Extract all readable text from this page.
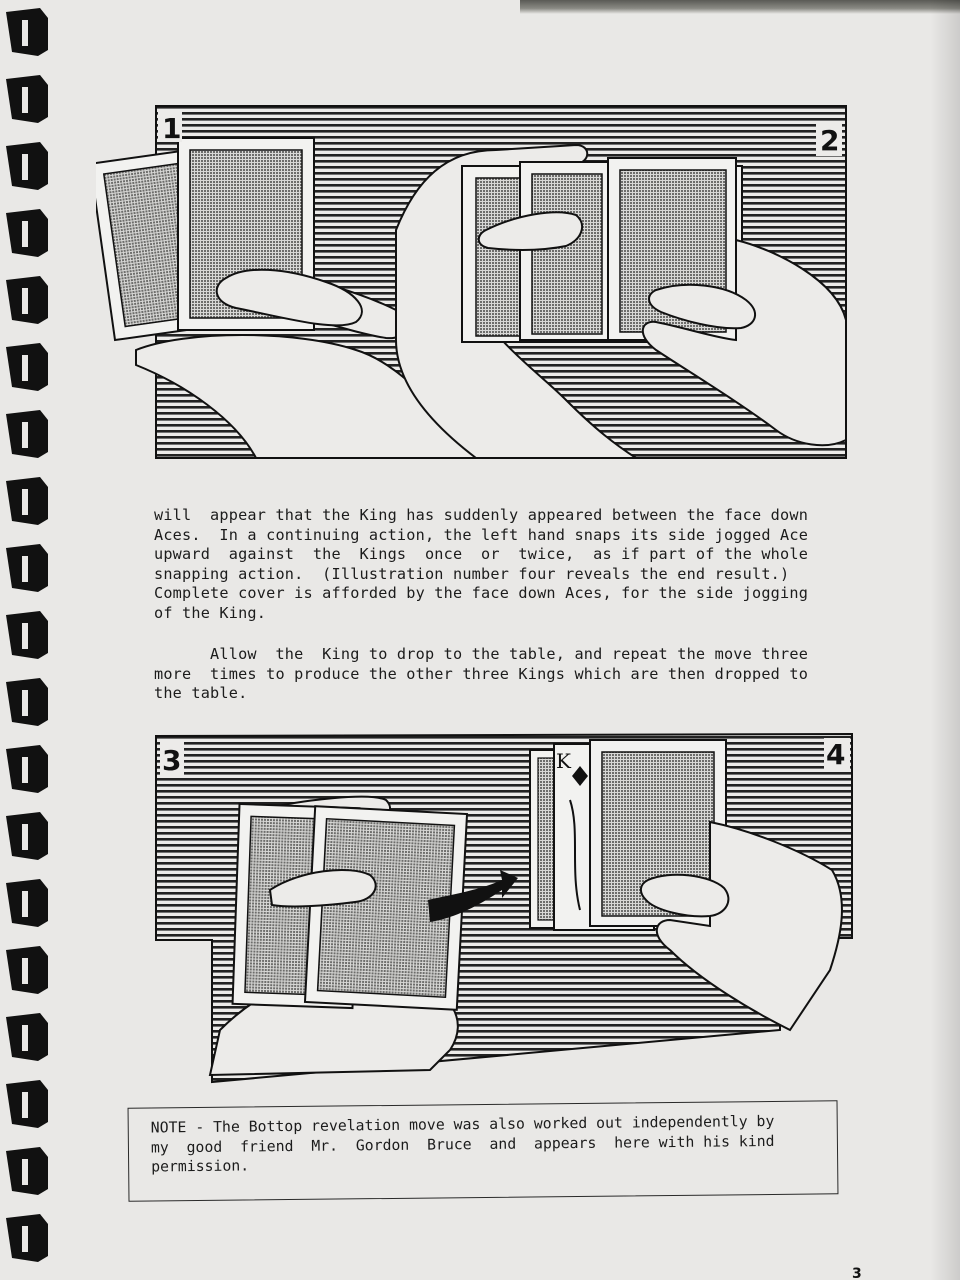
1	2
will  appear that the King has suddenly appeared between the face down
Aces.  In a continuing action, the left hand snaps its side jogged Ace
upward  against  the  Kings  once  or  twice,  as if part of the whole
snapping action.  (Illustration number four reveals the end result.)
Complete cover is afforded by the face down Aces, for the side jogging
of the King.
Allow  the  King to drop to the table, and repeat the move three
more  times to produce the other three Kings which are then dropped to
the table.
K
3	4
NOTE - The Bottop revelation move was also worked out independently by
my  good  friend  Mr.  Gordon  Bruce  and  appears  here with his kind
permission.
3
